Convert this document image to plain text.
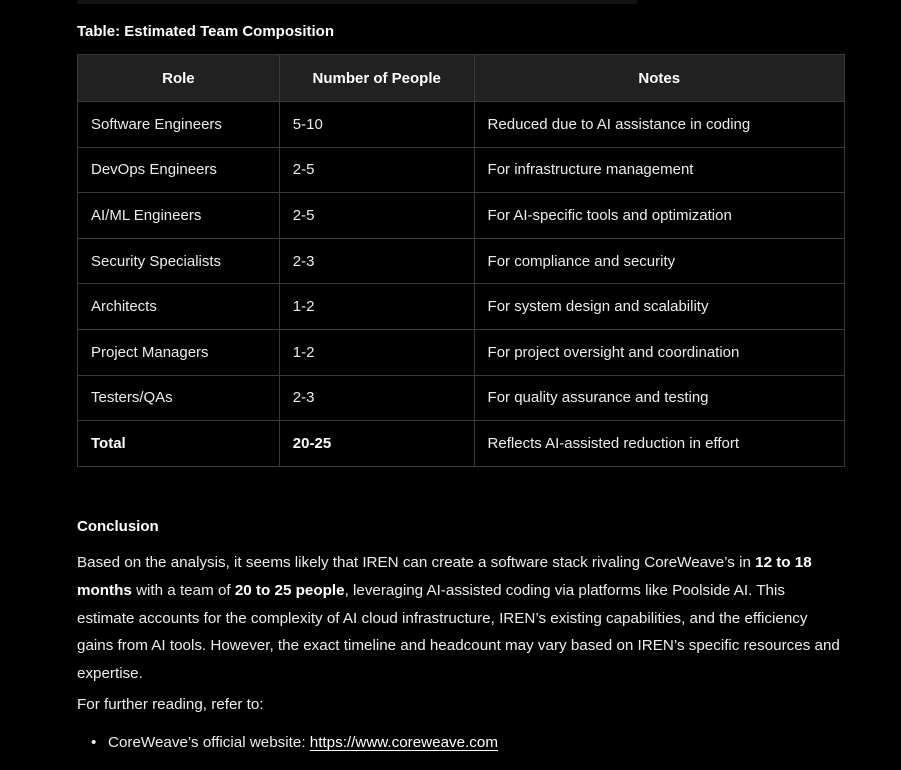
Table: Estimated Team Composition
Role	Number of People	Notes
Software Engineers	5-10	Reduced due to AI assistance in coding
DevOps Engineers	2-5	For infrastructure management
AI/ML Engineers	2-5	For AI-specific tools and optimization
Security Specialists	2-3	For compliance and security
Architects	1-2	For system design and scalability
Project Managers	1-2	For project oversight and coordination
Testers/QAs	2-3	For quality assurance and testing
Total	20-25	Reflects AI-assisted reduction in effort
Conclusion

Based on the analysis, it seems likely that IREN can create a software stack rivaling CoreWeave’s in 12 to 18 months with a team of 20 to 25 people, leveraging AI-assisted coding via platforms like Poolside AI. This estimate accounts for the complexity of AI cloud infrastructure, IREN’s existing capabilities, and the efficiency gains from AI tools. However, the exact timeline and headcount may vary based on IREN’s specific resources and expertise.

For further reading, refer to:
• CoreWeave’s official website: https://www.coreweave.com
